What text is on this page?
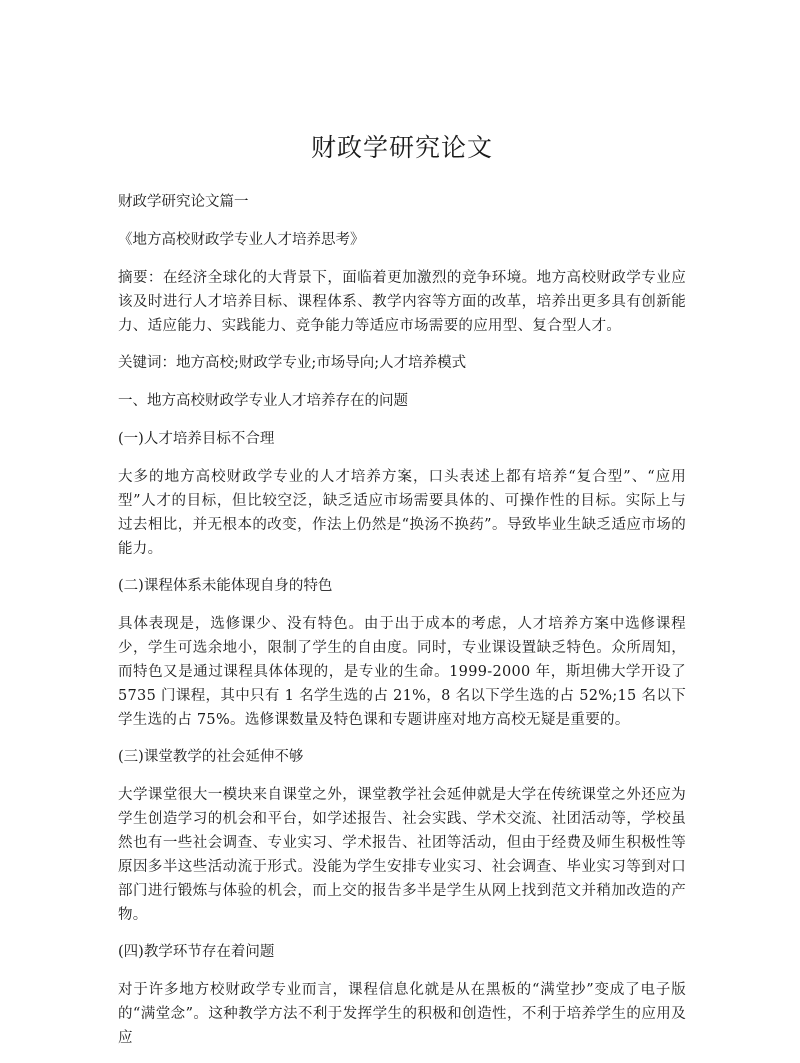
财政学研究论文

财政学研究论文篇一

《地方高校财政学专业人才培养思考》

摘要：在经济全球化的大背景下，面临着更加激烈的竞争环境。地方高校财政学专业应该及时进行人才培养目标、课程体系、教学内容等方面的改革，培养出更多具有创新能力、适应能力、实践能力、竞争能力等适应市场需要的应用型、复合型人才。

关键词：地方高校;财政学专业;市场导向;人才培养模式

一、地方高校财政学专业人才培养存在的问题

(一)人才培养目标不合理

大多的地方高校财政学专业的人才培养方案，口头表述上都有培养“复合型”、“应用型”人才的目标，但比较空泛，缺乏适应市场需要具体的、可操作性的目标。实际上与过去相比，并无根本的改变，作法上仍然是“换汤不换药”。导致毕业生缺乏适应市场的能力。

(二)课程体系未能体现自身的特色

具体表现是，选修课少、没有特色。由于出于成本的考虑，人才培养方案中选修课程少，学生可选余地小，限制了学生的自由度。同时，专业课设置缺乏特色。众所周知，而特色又是通过课程具体体现的，是专业的生命。1999-2000 年，斯坦佛大学开设了 5735 门课程，其中只有 1 名学生选的占 21%，8 名以下学生选的占 52%;15 名以下学生选的占 75%。选修课数量及特色课和专题讲座对地方高校无疑是重要的。

(三)课堂教学的社会延伸不够

大学课堂很大一模块来自课堂之外，课堂教学社会延伸就是大学在传统课堂之外还应为学生创造学习的机会和平台，如学述报告、社会实践、学术交流、社团活动等，学校虽然也有一些社会调查、专业实习、学术报告、社团等活动，但由于经费及师生积极性等原因多半这些活动流于形式。没能为学生安排专业实习、社会调查、毕业实习等到对口部门进行锻炼与体验的机会，而上交的报告多半是学生从网上找到范文并稍加改造的产物。

(四)教学环节存在着问题

对于许多地方校财政学专业而言，课程信息化就是从在黑板的“满堂抄”变成了电子版的“满堂念”。这种教学方法不利于发挥学生的积极和创造性，不利于培养学生的应用及应
